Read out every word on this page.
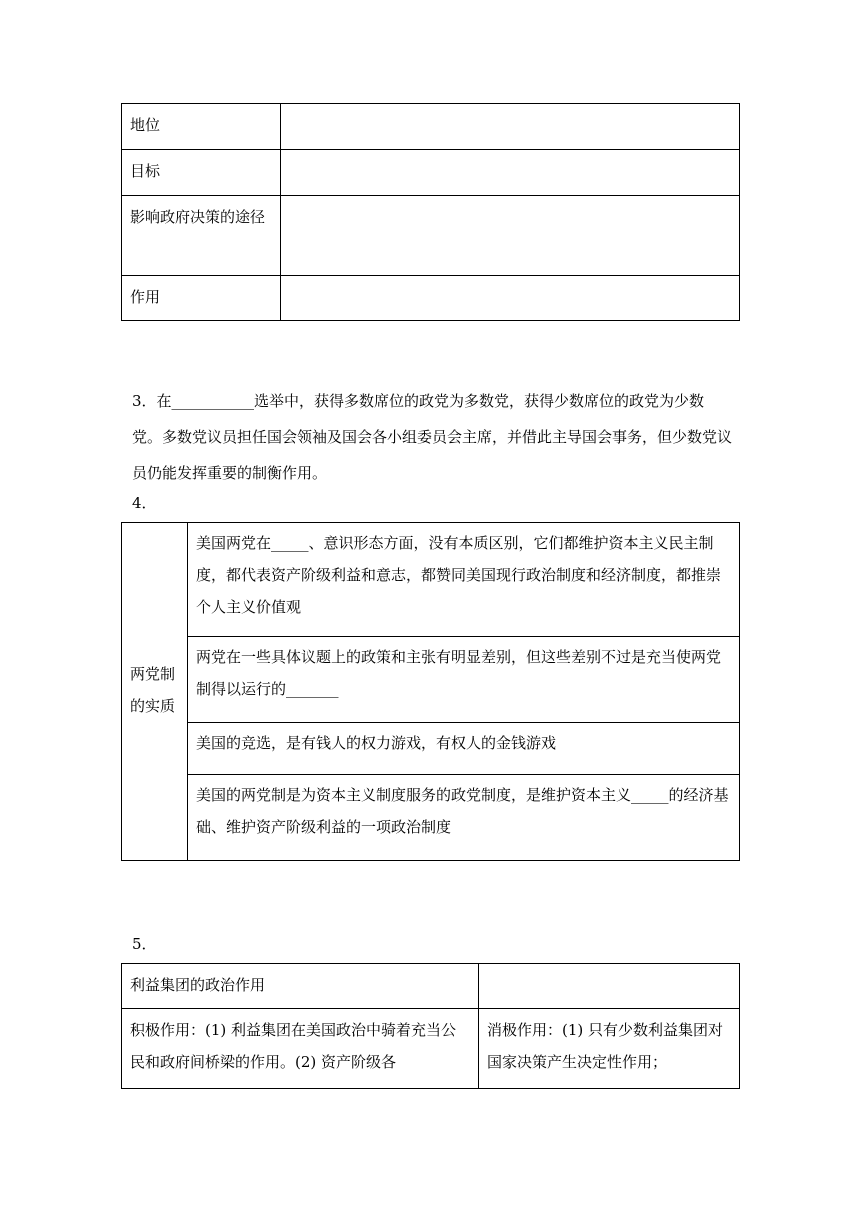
地位	
目标	
影响政府决策的途径	
作用	

3．在___________选举中，获得多数席位的政党为多数党，获得少数席位的政党为少数党。多数党议员担任国会领袖及国会各小组委员会主席，并借此主导国会事务，但少数党议员仍能发挥重要的制衡作用。

4．

两党制的实质	美国两党在_____、意识形态方面，没有本质区别，它们都维护资本主义民主制度，都代表资产阶级利益和意志，都赞同美国现行政治制度和经济制度，都推崇个人主义价值观
两党在一些具体议题上的政策和主张有明显差别，但这些差别不过是充当使两党制得以运行的_______
美国的竞选，是有钱人的权力游戏，有权人的金钱游戏
美国的两党制是为资本主义制度服务的政党制度，是维护资本主义_____的经济基础、维护资产阶级利益的一项政治制度

5．

利益集团的政治作用	
积极作用：(1) 利益集团在美国政治中骑着充当公民和政府间桥梁的作用。(2) 资产阶级各	消极作用：(1) 只有少数利益集团对国家决策产生决定性作用；
